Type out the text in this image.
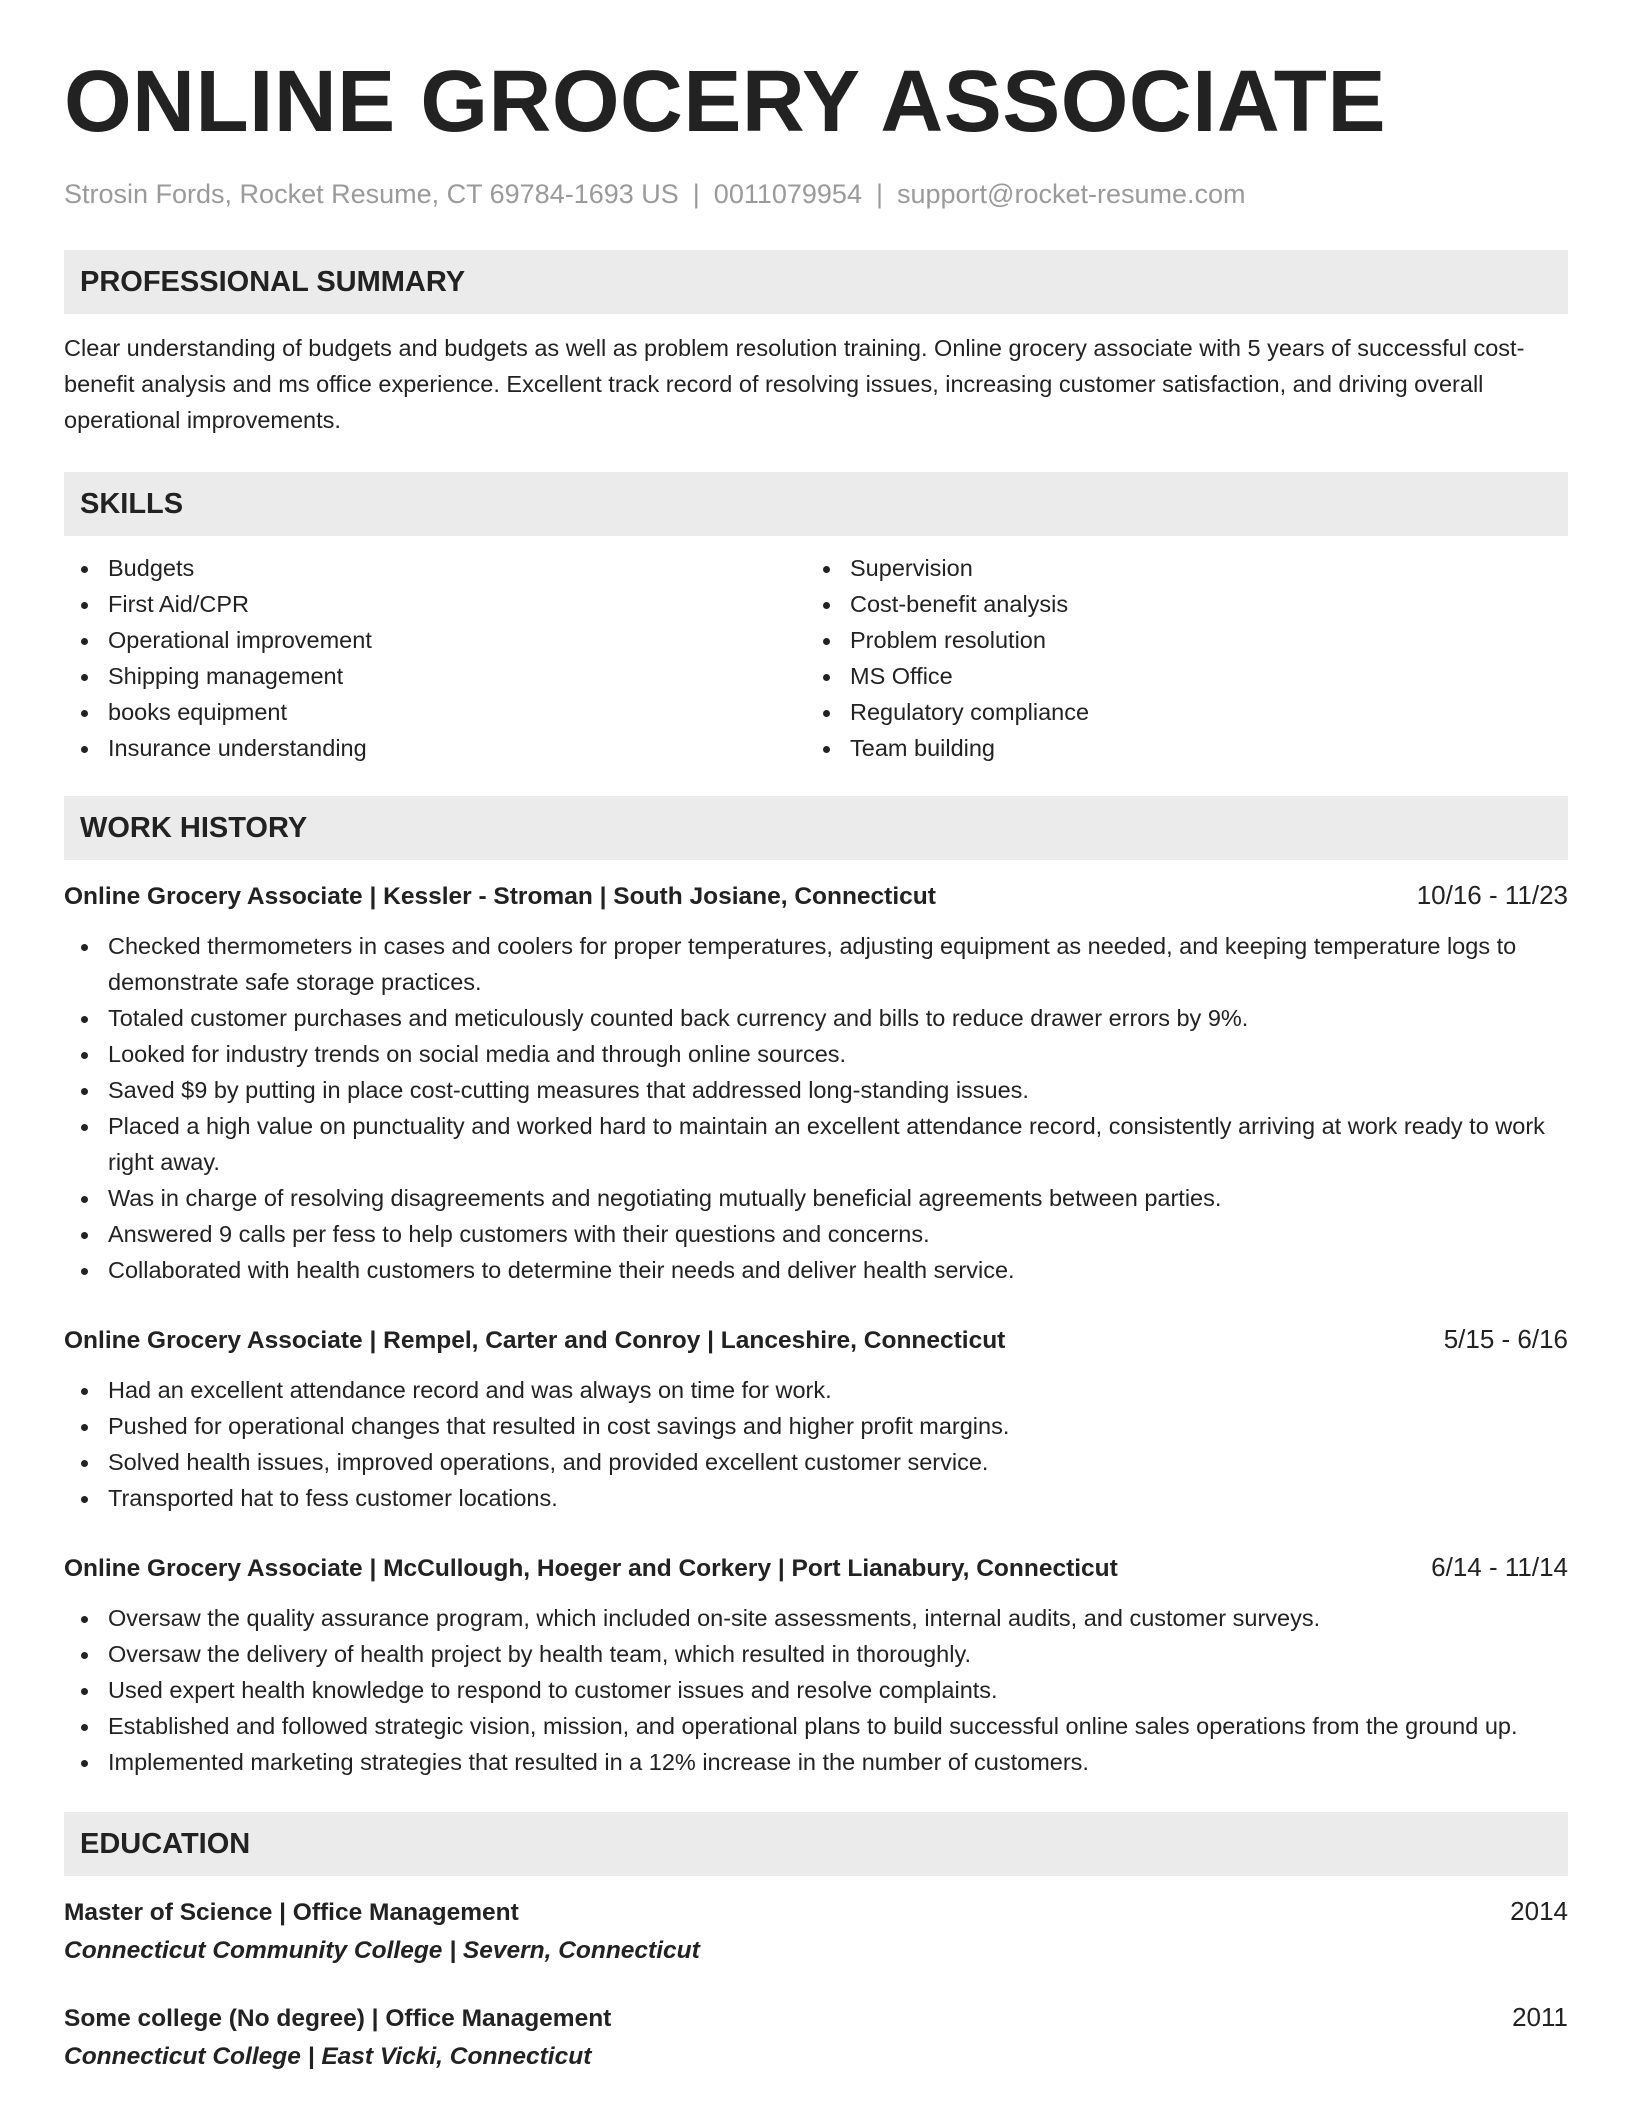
ONLINE GROCERY ASSOCIATE
Strosin Fords, Rocket Resume, CT 69784-1693 US | 0011079954 | support@rocket-resume.com
PROFESSIONAL SUMMARY

Clear understanding of budgets and budgets as well as problem resolution training. Online grocery associate with 5 years of successful cost-benefit analysis and ms office experience. Excellent track record of resolving issues, increasing customer satisfaction, and driving overall operational improvements.

SKILLS
Budgets
First Aid/CPR
Operational improvement
Shipping management
books equipment
Insurance understanding
Supervision
Cost-benefit analysis
Problem resolution
MS Office
Regulatory compliance
Team building
WORK HISTORY
Online Grocery Associate | Kessler - Stroman | South Josiane, Connecticut	10/16 - 11/23
Checked thermometers in cases and coolers for proper temperatures, adjusting equipment as needed, and keeping temperature logs to demonstrate safe storage practices.
Totaled customer purchases and meticulously counted back currency and bills to reduce drawer errors by 9%.
Looked for industry trends on social media and through online sources.
Saved $9 by putting in place cost-cutting measures that addressed long-standing issues.
Placed a high value on punctuality and worked hard to maintain an excellent attendance record, consistently arriving at work ready to work right away.
Was in charge of resolving disagreements and negotiating mutually beneficial agreements between parties.
Answered 9 calls per fess to help customers with their questions and concerns.
Collaborated with health customers to determine their needs and deliver health service.
Online Grocery Associate | Rempel, Carter and Conroy | Lanceshire, Connecticut	5/15 - 6/16
Had an excellent attendance record and was always on time for work.
Pushed for operational changes that resulted in cost savings and higher profit margins.
Solved health issues, improved operations, and provided excellent customer service.
Transported hat to fess customer locations.
Online Grocery Associate | McCullough, Hoeger and Corkery | Port Lianabury, Connecticut	6/14 - 11/14
Oversaw the quality assurance program, which included on-site assessments, internal audits, and customer surveys.
Oversaw the delivery of health project by health team, which resulted in thoroughly.
Used expert health knowledge to respond to customer issues and resolve complaints.
Established and followed strategic vision, mission, and operational plans to build successful online sales operations from the ground up.
Implemented marketing strategies that resulted in a 12% increase in the number of customers.
EDUCATION
Master of Science | Office Management	2014
Connecticut Community College | Severn, Connecticut
Some college (No degree) | Office Management	2011
Connecticut College | East Vicki, Connecticut
